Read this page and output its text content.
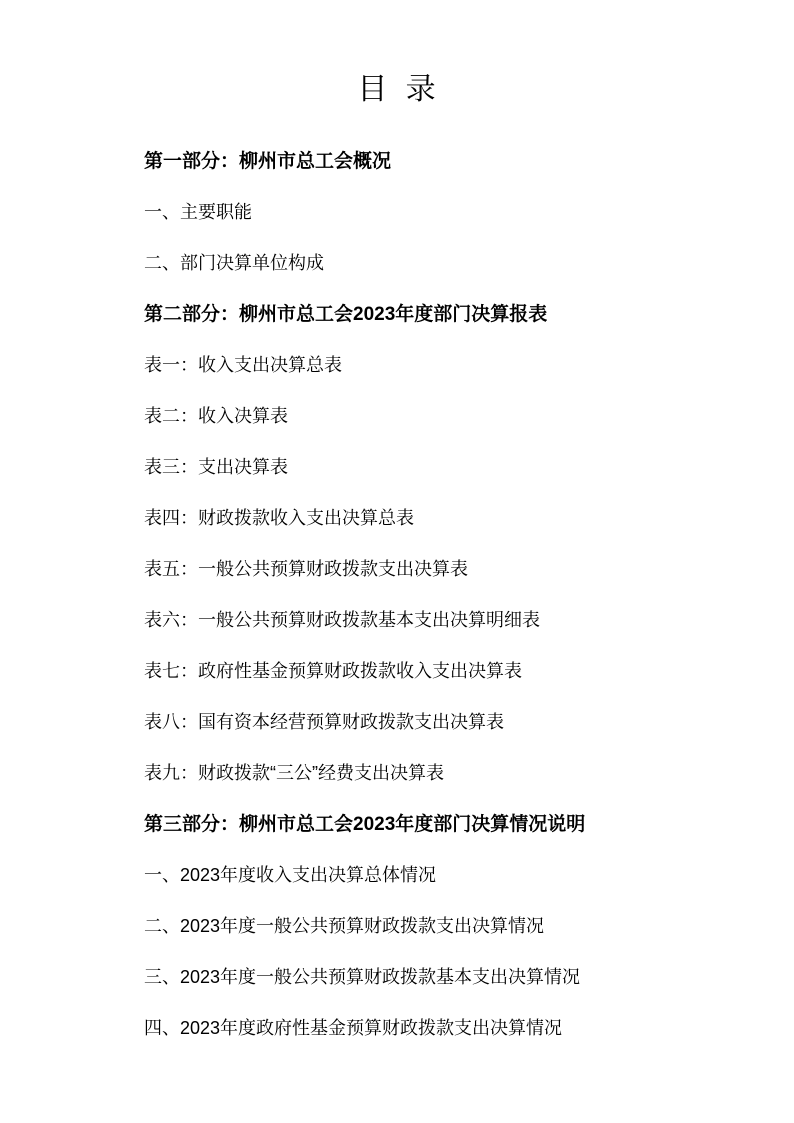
目 录

第一部分：柳州市总工会概况

一、主要职能

二、部门决算单位构成

第二部分：柳州市总工会2023年度部门决算报表

表一：收入支出决算总表

表二：收入决算表

表三：支出决算表

表四：财政拨款收入支出决算总表

表五：一般公共预算财政拨款支出决算表

表六：一般公共预算财政拨款基本支出决算明细表

表七：政府性基金预算财政拨款收入支出决算表

表八：国有资本经营预算财政拨款支出决算表

表九：财政拨款“三公”经费支出决算表

第三部分：柳州市总工会2023年度部门决算情况说明

一、2023年度收入支出决算总体情况

二、2023年度一般公共预算财政拨款支出决算情况

三、2023年度一般公共预算财政拨款基本支出决算情况

四、2023年度政府性基金预算财政拨款支出决算情况
